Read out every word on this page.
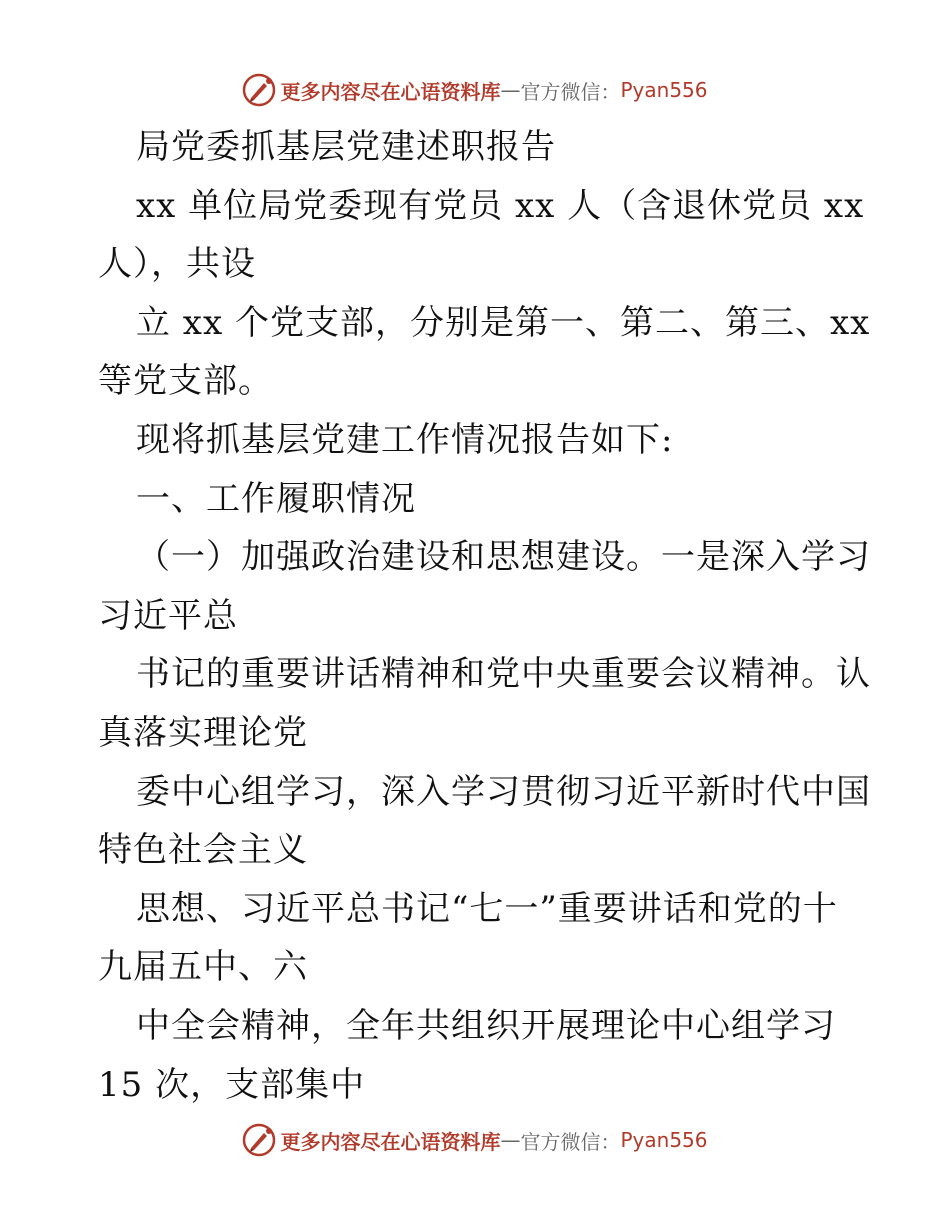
更多内容尽在心语资料库 — 官方微信： Pyan556
局党委抓基层党建述职报告
xx 单位局党委现有党员 xx 人（含退休党员 xx
人），共设
立 xx 个党支部，分别是第一、第二、第三、xx
等党支部。
现将抓基层党建工作情况报告如下:
一、工作履职情况
（一）加强政治建设和思想建设。一是深入学习
习近平总
书记的重要讲话精神和党中央重要会议精神。认
真落实理论党
委中心组学习，深入学习贯彻习近平新时代中国
特色社会主义
思想、习近平总书记“七一”重要讲话和党的十
九届五中、六
中全会精神，全年共组织开展理论中心组学习
15 次，支部集中
更多内容尽在心语资料库 — 官方微信： Pyan556
